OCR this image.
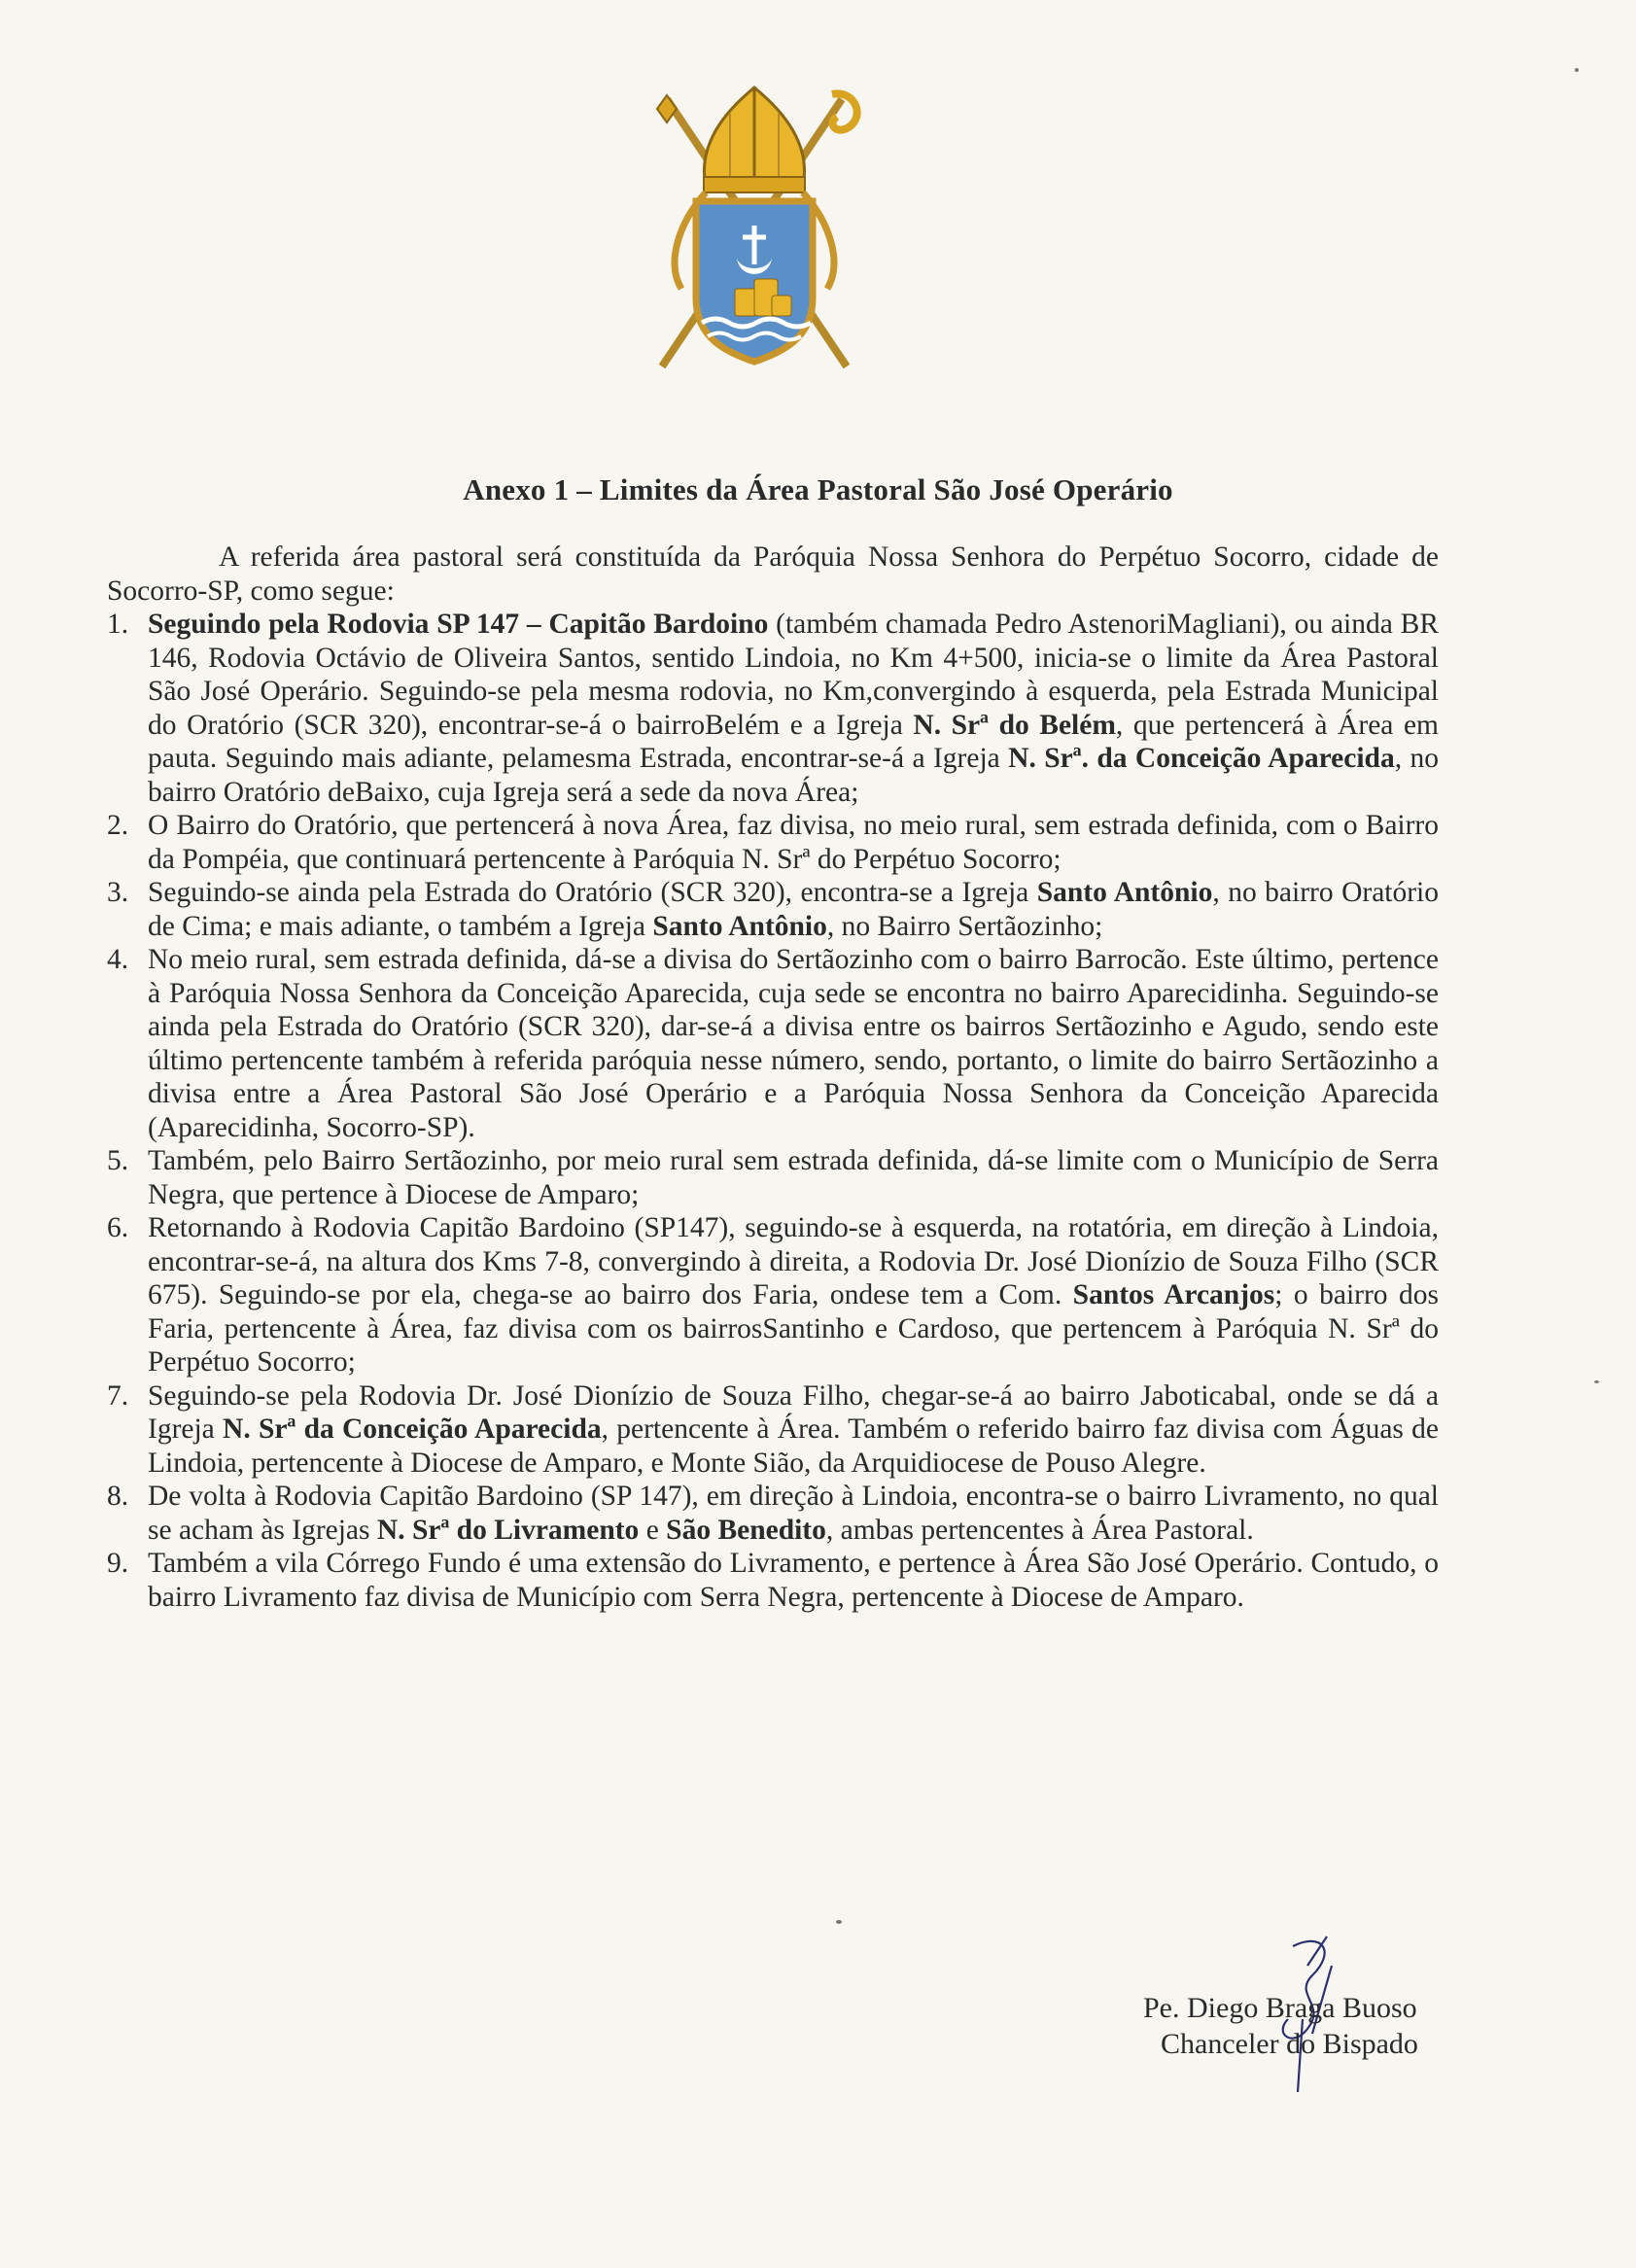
Anexo 1 – Limites da Área Pastoral São José Operário

A referida área pastoral será constituída da Paróquia Nossa Senhora do Perpétuo Socorro, cidade de Socorro-SP, como segue:

1. Seguindo pela Rodovia SP 147 – Capitão Bardoino (também chamada Pedro AstenoriMagliani), ou ainda BR 146, Rodovia Octávio de Oliveira Santos, sentido Lindoia, no Km 4+500, inicia-se o limite da Área Pastoral São José Operário. Seguindo-se pela mesma rodovia, no Km,convergindo à esquerda, pela Estrada Municipal do Oratório (SCR 320), encontrar-se-á o bairroBelém e a Igreja N. Srª do Belém, que pertencerá à Área em pauta. Seguindo mais adiante, pelamesma Estrada, encontrar-se-á a Igreja N. Srª. da Conceição Aparecida, no bairro Oratório deBaixo, cuja Igreja será a sede da nova Área;
2. O Bairro do Oratório, que pertencerá à nova Área, faz divisa, no meio rural, sem estrada definida, com o Bairro da Pompéia, que continuará pertencente à Paróquia N. Srª do Perpétuo Socorro;
3. Seguindo-se ainda pela Estrada do Oratório (SCR 320), encontra-se a Igreja Santo Antônio, no bairro Oratório de Cima; e mais adiante, o também a Igreja Santo Antônio, no Bairro Sertãozinho;
4. No meio rural, sem estrada definida, dá-se a divisa do Sertãozinho com o bairro Barrocão. Este último, pertence à Paróquia Nossa Senhora da Conceição Aparecida, cuja sede se encontra no bairro Aparecidinha. Seguindo-se ainda pela Estrada do Oratório (SCR 320), dar-se-á a divisa entre os bairros Sertãozinho e Agudo, sendo este último pertencente também à referida paróquia nesse número, sendo, portanto, o limite do bairro Sertãozinho a divisa entre a Área Pastoral São José Operário e a Paróquia Nossa Senhora da Conceição Aparecida (Aparecidinha, Socorro-SP).
5. Também, pelo Bairro Sertãozinho, por meio rural sem estrada definida, dá-se limite com o Município de Serra Negra, que pertence à Diocese de Amparo;
6. Retornando à Rodovia Capitão Bardoino (SP147), seguindo-se à esquerda, na rotatória, em direção à Lindoia, encontrar-se-á, na altura dos Kms 7-8, convergindo à direita, a Rodovia Dr. José Dionízio de Souza Filho (SCR 675). Seguindo-se por ela, chega-se ao bairro dos Faria, ondese tem a Com. Santos Arcanjos; o bairro dos Faria, pertencente à Área, faz divisa com os bairrosSantinho e Cardoso, que pertencem à Paróquia N. Srª do Perpétuo Socorro;
7. Seguindo-se pela Rodovia Dr. José Dionízio de Souza Filho, chegar-se-á ao bairro Jaboticabal, onde se dá a Igreja N. Srª da Conceição Aparecida, pertencente à Área. Também o referido bairro faz divisa com Águas de Lindoia, pertencente à Diocese de Amparo, e Monte Sião, da Arquidiocese de Pouso Alegre.
8. De volta à Rodovia Capitão Bardoino (SP 147), em direção à Lindoia, encontra-se o bairro Livramento, no qual se acham às Igrejas N. Srª do Livramento e São Benedito, ambas pertencentes à Área Pastoral.
9. Também a vila Córrego Fundo é uma extensão do Livramento, e pertence à Área São José Operário. Contudo, o bairro Livramento faz divisa de Município com Serra Negra, pertencente à Diocese de Amparo.
Pe. Diego Braga Buoso
Chanceler do Bispado
